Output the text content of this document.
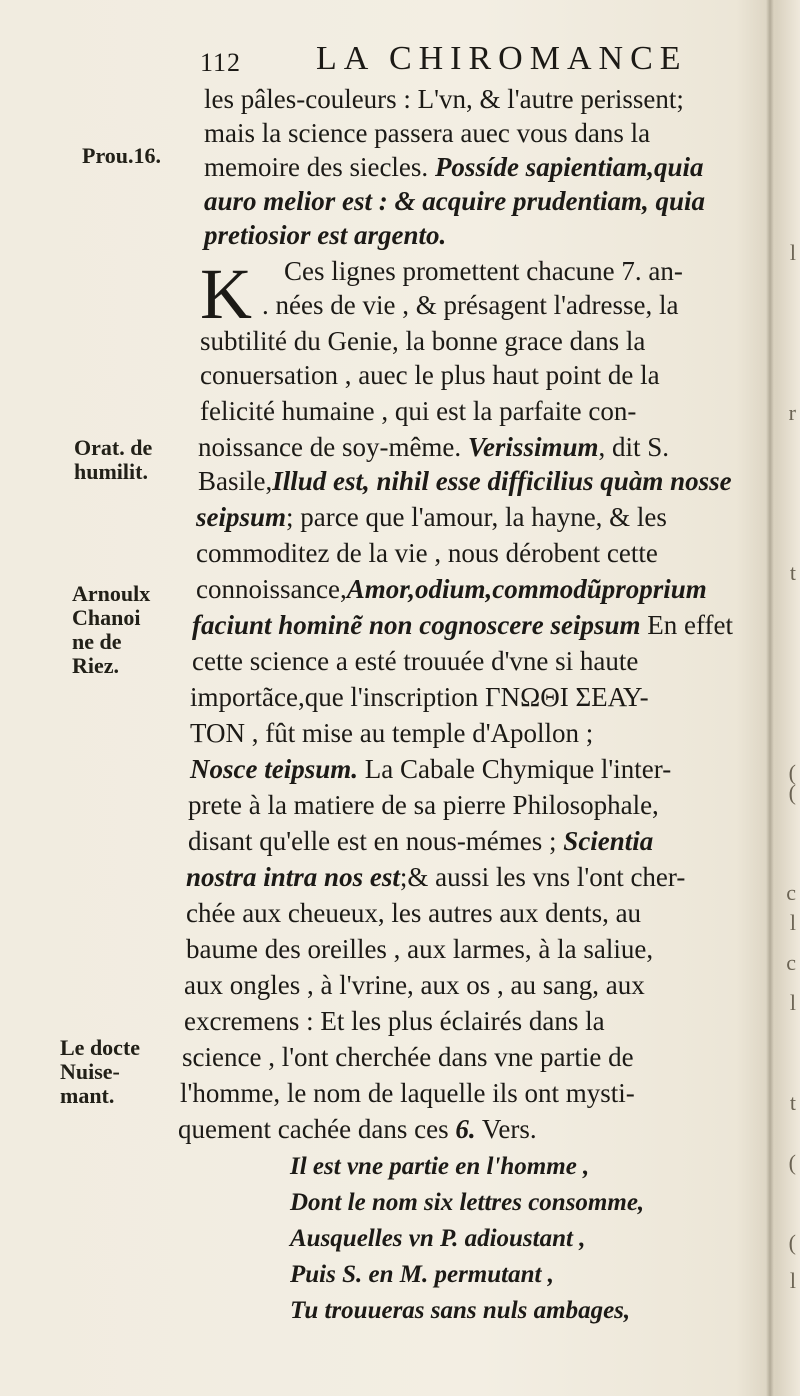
l
r
t
(
(
c
l
c
l
t
(
(
l
112 LA CHIROMANCE
Prou.16.
Orat. de
humilit.
Arnoulx
Chanoi
ne de
Riez.
Le docte
Nuise-
mant.
les pâles-couleurs : L'vn, & l'autre perissent;
mais la science passera auec vous dans la
memoire des siecles. Possíde sapientiam,quia
auro melior est : & acquire prudentiam, quia
pretiosior est argento.
K Ces lignes promettent chacune 7. an-
. nées de vie , & présagent l'adresse, la
subtilité du Genie, la bonne grace dans la
conuersation , auec le plus haut point de la
felicité humaine , qui est la parfaite con-
noissance de soy-même. Verissimum, dit S.
Basile,Illud est, nihil esse difficilius quàm nosse
seipsum; parce que l'amour, la hayne, & les
commoditez de la vie , nous dérobent cette
connoissance,Amor,odium,commodũproprium
faciunt hominẽ non cognoscere seipsum En effet
cette science a esté trouuée d'vne si haute
importãce,que l'inscription ΓΝΩΘΙ ΣΕΑΥ-
ΤΟΝ , fût mise au temple d'Apollon ;
Nosce teipsum. La Cabale Chymique l'inter-
prete à la matiere de sa pierre Philosophale,
disant qu'elle est en nous-mémes ; Scientia
nostra intra nos est;& aussi les vns l'ont cher-
chée aux cheueux, les autres aux dents, au
baume des oreilles , aux larmes, à la saliue,
aux ongles , à l'vrine, aux os , au sang, aux
excremens : Et les plus éclairés dans la
science , l'ont cherchée dans vne partie de
l'homme, le nom de laquelle ils ont mysti-
quement cachée dans ces 6. Vers.
Il est vne partie en l'homme ,
Dont le nom six lettres consomme,
Ausquelles vn P. adioustant ,
Puis S. en M. permutant ,
Tu trouueras sans nuls ambages,
